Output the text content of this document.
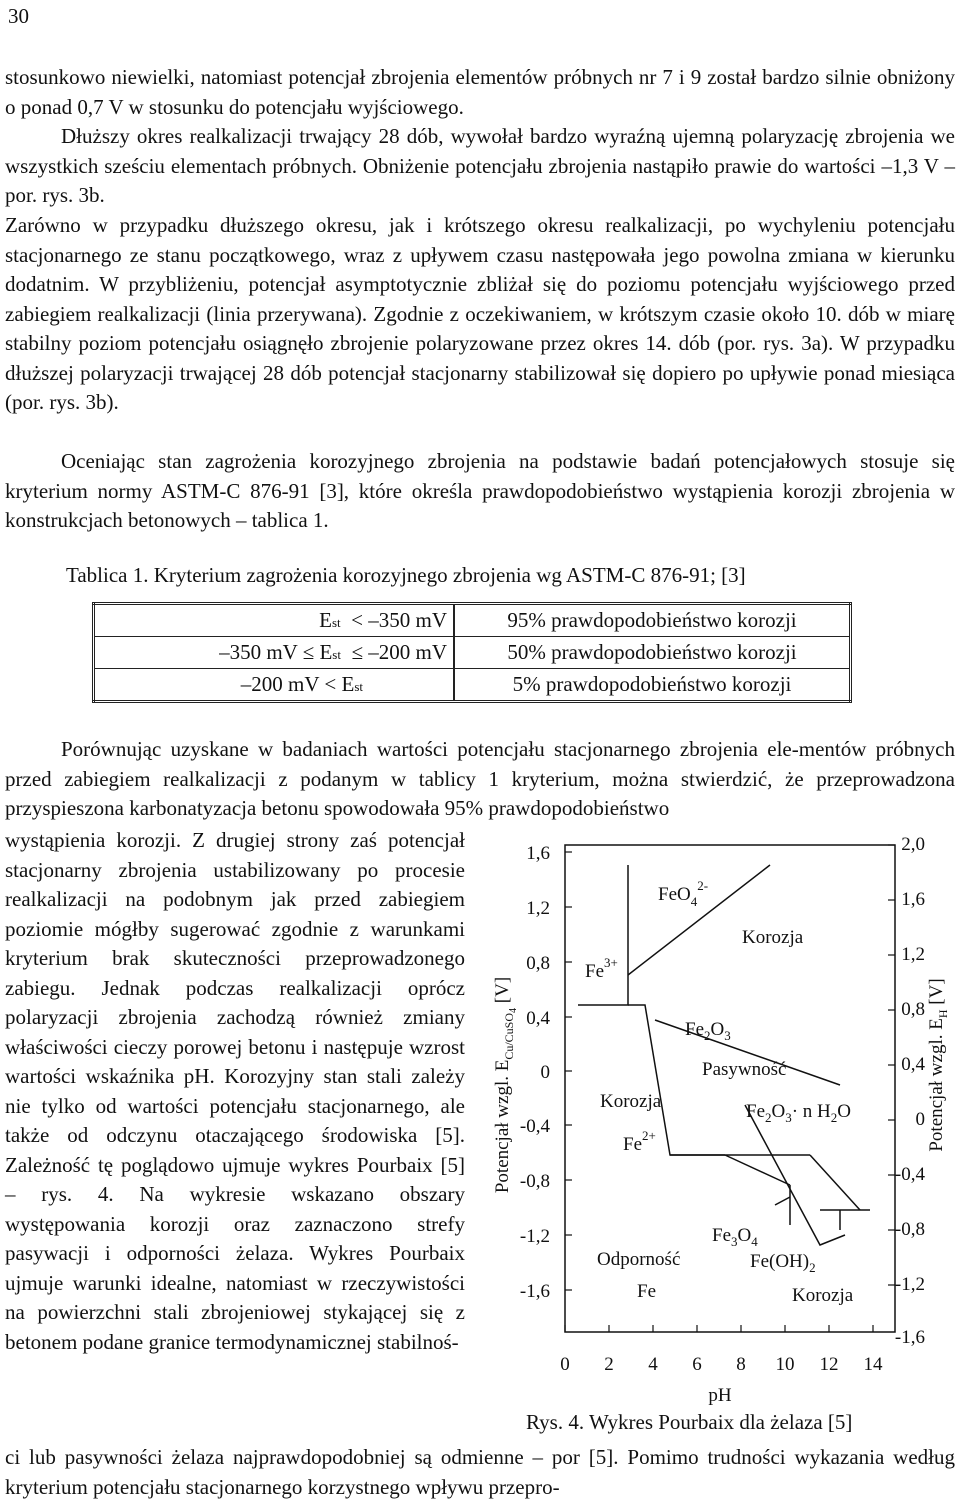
30

stosunkowo niewielki, natomiast potencjał zbrojenia elementów próbnych nr 7 i 9 został bardzo silnie obniżony o ponad 0,7 V w stosunku do potencjału wyjściowego.

Dłuższy okres realkalizacji trwający 28 dób, wywołał bardzo wyraźną ujemną polaryzację zbrojenia we wszystkich sześciu elementach próbnych. Obniżenie potencjału zbrojenia nastąpiło prawie do wartości –1,3 V – por. rys. 3b.

Zarówno w przypadku dłuższego okresu, jak i krótszego okresu realkalizacji, po wychyleniu potencjału stacjonarnego ze stanu początkowego, wraz z upływem czasu następowała jego powolna zmiana w kierunku dodatnim. W przybliżeniu, potencjał asymptotycznie zbliżał się do poziomu potencjału wyjściowego przed zabiegiem realkalizacji (linia przerywana). Zgodnie z oczekiwaniem, w krótszym czasie około 10. dób w miarę stabilny poziom potencjału osiągnęło zbrojenie polaryzowane przez okres 14. dób (por. rys. 3a). W przypadku dłuższej polaryzacji trwającej 28 dób potencjał stacjonarny stabilizował się dopiero po upływie ponad miesiąca (por. rys. 3b).

Oceniając stan zagrożenia korozyjnego zbrojenia na podstawie badań potencjałowych stosuje się kryterium normy ASTM-C 876-91 [3], które określa prawdopodobieństwo wystąpienia korozji zbrojenia w konstrukcjach betonowych – tablica 1.

Tablica 1. Kryterium zagrożenia korozyjnego zbrojenia wg ASTM-C 876-91; [3]
E st < –350 mV	95% prawdopodobieństwo korozji

–350 mV ≤ E st ≤ –200 mV	50% prawdopodobieństwo korozji

–200 mV < E st	5% prawdopodobieństwo korozji

Porównując uzyskane w badaniach wartości potencjału stacjonarnego zbrojenia ele-mentów próbnych przed zabiegiem realkalizacji z podanym w tablicy 1 kryterium, można stwierdzić, że przeprowadzona przyspieszona karbonatyzacja betonu spowodowała 95% prawdopodobieństwo

wystąpienia korozji. Z drugiej strony zaś potencjał stacjonarny zbrojenia ustabilizowany po procesie realkalizacji na podobnym jak przed zabiegiem poziomie mógłby sugerować zgodnie z warunkami kryterium brak skuteczności przeprowadzonego zabiegu. Jednak podczas realkalizacji oprócz polaryzacji zbrojenia zachodzą również zmiany właściwości cieczy porowej betonu i następuje wzrost wartości wskaźnika pH. Korozyjny stan stali zależy nie tylko od wartości potencjału stacjonarnego, ale także od odczynu otaczającego środowiska [5]. Zależność tę poglądowo ujmuje wykres Pourbaix [5] – rys. 4. Na wykresie wskazano obszary występowania korozji oraz zaznaczono strefy pasywacji i odporności żelaza. Wykres Pourbaix ujmuje warunki idealne, natomiast w rzeczywistości na powierzchni stali zbrojeniowej stykającej się z betonem podane granice termodynamicznej stabilnoś-

1,6
1,2
0,8
0,4
0
-0,4
-0,8
-1,2
-1,6
2,0
1,6
1,2
0,8
0,4
0
-0,4
-0,8
-1,2
-1,6
0 2 4 6 8 10 12 14
pH
Potencjał wzgl. $E_{Cu/CuSO}4$ [V]
Potencjał wzgl. $E_H$ [V]
FeO$_4^{2-}$
Korozja
$Fe^{3+}$
$Fe_2O_3$
Pasywność
$Fe_2O_3\cdot n$ $H_2O$
Korozja
$Fe^{2+}$
$Fe_3O_4$
$Fe(OH)_2$
Odporność
Fe	Korozja
Rys. 4. Wykres Pourbaix dla żelaza [5]

ci lub pasywności żelaza najprawdopodobniej są odmienne – por [5]. Pomimo trudności wykazania według kryterium potencjału stacjonarnego korzystnego wpływu przepro-
